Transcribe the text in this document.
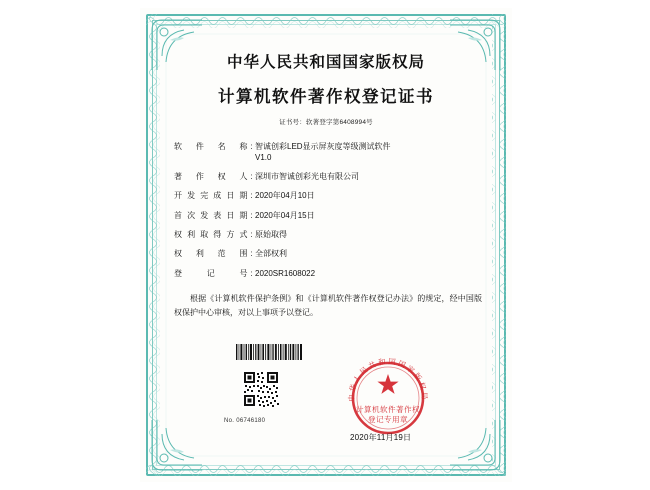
中华人民共和国国家版权局
计算机软件著作权登记证书
证书号：软著登字第6408994号
软件名称 : 智诚创彩LED显示屏灰度等级测试软件
V1.0
著作权人 : 深圳市智诚创彩光电有限公司
开发完成日期 : 2020年04月10日
首次发表日期 : 2020年04月15日
权利取得方式 : 原始取得
权利范围 : 全部权利
登记号 : 2020SR1608022
根据《计算机软件保护条例》和《计算机软件著作权登记办法》的规定，经中国版权保护中心审核，对以上事项予以登记。
No. 06746180
中华人民共和国国家版权局
计算机软件著作权
登记专用章
2020年11月19日
